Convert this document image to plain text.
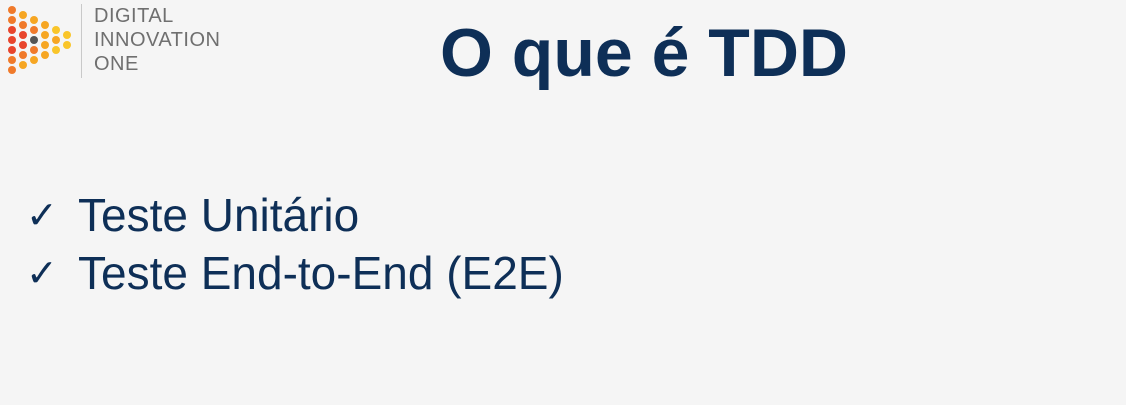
DIGITAL
INNOVATION
ONE	O que é TDD
✓ Teste Unitário
✓ Teste End-to-End (E2E)
